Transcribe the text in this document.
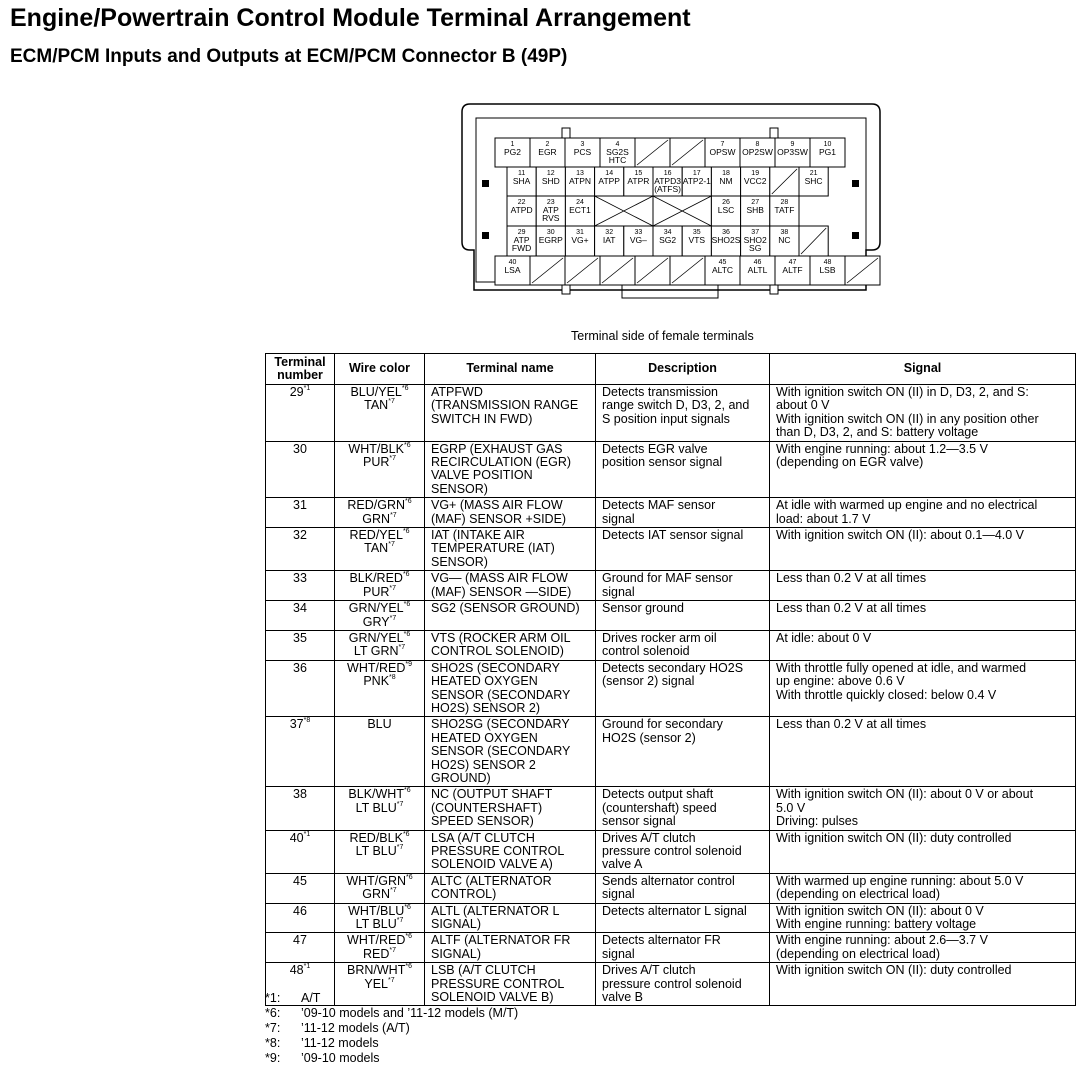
Engine/Powertrain Control Module Terminal Arrangement
ECM/PCM Inputs and Outputs at ECM/PCM Connector B (49P)
1
PG2
2
EGR
3
PCS
4
SG2S
HTC
7
OPSW
8
OP2SW
9
OP3SW
10
PG1
11
SHA
12
SHD
13
ATPN
14
ATPP
15
ATPR
16
ATPD3
(ATFS)
17
ATP2-1
18
NM
19
VCC2
21
SHC
22
ATPD
23
ATP
RVS
24
ECT1
26
LSC
27
SHB
28
TATF
29
ATP
FWD
30
EGRP
31
VG+
32
IAT
33
VG–
34
SG2
35
VTS
36
SHO2S
37
SHO2
SG
38
NC
40
LSA
45
ALTC
46
ALTL
47
ALTF
48
LSB
Terminal side of female terminals
Terminal number	Wire color	Terminal name	Description	Signal
29$^{*1}$	BLU/YEL$^{*6}$
TAN$^{*7}$	ATPFWD
(TRANSMISSION RANGE
SWITCH IN FWD)	Detects transmission
range switch D, D3, 2, and
S position input signals	With ignition switch ON (II) in D, D3, 2, and S:
about 0 V
With ignition switch ON (II) in any position other
than D, D3, 2, and S: battery voltage

30	WHT/BLK$^{*6}$
PUR$^{*7}$	EGRP (EXHAUST GAS
RECIRCULATION (EGR)
VALVE POSITION
SENSOR)	Detects EGR valve
position sensor signal	With engine running: about 1.2—3.5 V
(depending on EGR valve)

31	RED/GRN$^{*6}$
GRN$^{*7}$	VG+ (MASS AIR FLOW
(MAF) SENSOR +SIDE)	Detects MAF sensor
signal	At idle with warmed up engine and no electrical
load: about 1.7 V

32	RED/YEL$^{*6}$
TAN$^{*7}$	IAT (INTAKE AIR
TEMPERATURE (IAT)
SENSOR)	Detects IAT sensor signal	With ignition switch ON (II): about 0.1—4.0 V

33	BLK/RED$^{*6}$
PUR$^{*7}$	VG— (MASS AIR FLOW
(MAF) SENSOR —SIDE)	Ground for MAF sensor
signal	Less than 0.2 V at all times

34	GRN/YEL$^{*6}$
GRY$^{*7}$	SG2 (SENSOR GROUND)	Sensor ground	Less than 0.2 V at all times

35	GRN/YEL$^{*6}$
LT GRN$^{*7}$	VTS (ROCKER ARM OIL
CONTROL SOLENOID)	Drives rocker arm oil
control solenoid	At idle: about 0 V

36	WHT/RED$^{*9}$
PNK$^{*8}$	SHO2S (SECONDARY
HEATED OXYGEN
SENSOR (SECONDARY
HO2S) SENSOR 2)	Detects secondary HO2S
(sensor 2) signal	With throttle fully opened at idle, and warmed
up engine: above 0.6 V
With throttle quickly closed: below 0.4 V

37$^{*8}$	BLU	SHO2SG (SECONDARY
HEATED OXYGEN
SENSOR (SECONDARY
HO2S) SENSOR 2
GROUND)	Ground for secondary
HO2S (sensor 2)	Less than 0.2 V at all times

38	BLK/WHT$^{*6}$
LT BLU$^{*7}$	NC (OUTPUT SHAFT
(COUNTERSHAFT)
SPEED SENSOR)	Detects output shaft
(countershaft) speed
sensor signal	With ignition switch ON (II): about 0 V or about
5.0 V
Driving: pulses

40$^{*1}$	RED/BLK$^{*6}$
LT BLU$^{*7}$	LSA (A/T CLUTCH
PRESSURE CONTROL
SOLENOID VALVE A)	Drives A/T clutch
pressure control solenoid
valve A	With ignition switch ON (II): duty controlled

45	WHT/GRN$^{*6}$
GRN$^{*7}$	ALTC (ALTERNATOR
CONTROL)	Sends alternator control
signal	With warmed up engine running: about 5.0 V
(depending on electrical load)

46	WHT/BLU$^{*6}$
LT BLU$^{*7}$	ALTL (ALTERNATOR L
SIGNAL)	Detects alternator L signal	With ignition switch ON (II): about 0 V
With engine running: battery voltage

47	WHT/RED$^{*6}$
RED$^{*7}$	ALTF (ALTERNATOR FR
SIGNAL)	Detects alternator FR
signal	With engine running: about 2.6—3.7 V
(depending on electrical load)

48$^{*1}$	BRN/WHT$^{*6}$
YEL$^{*7}$	LSB (A/T CLUTCH
PRESSURE CONTROL
SOLENOID VALVE B)	Drives A/T clutch
pressure control solenoid
valve B	With ignition switch ON (II): duty controlled
*1: A/T
*6: ’09-10 models and ’11-12 models (M/T)
*7: ’11-12 models (A/T)
*8: ’11-12 models
*9: ’09-10 models
